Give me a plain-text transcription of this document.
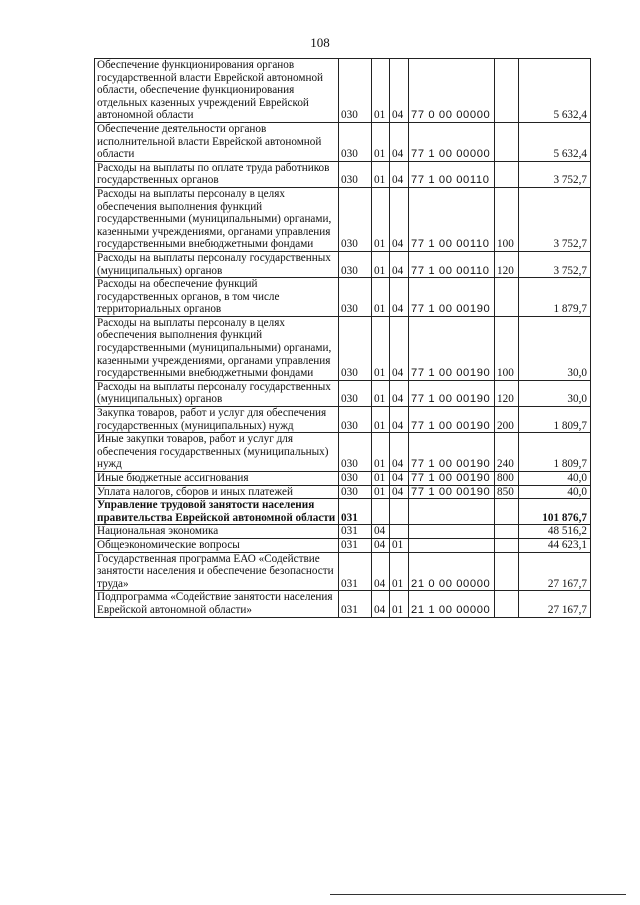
108
Обеспечение функционирования органов государственной власти Еврейской автономной области, обеспечение функционирования отдельных казенных учреждений Еврейской автономной области	030	01	04	77 0 00 00000		5 632,4
Обеспечение деятельности органов исполнительной власти Еврейской автономной области	030	01	04	77 1 00 00000		5 632,4
Расходы на выплаты по оплате труда работников государственных органов	030	01	04	77 1 00 00110		3 752,7
Расходы на выплаты персоналу в целях обеспечения выполнения функций государственными (муниципальными) органами, казенными учреждениями, органами управления государственными внебюджетными фондами	030	01	04	77 1 00 00110	100	3 752,7
Расходы на выплаты персоналу государственных (муниципальных) органов	030	01	04	77 1 00 00110	120	3 752,7
Расходы на обеспечение функций государственных органов, в том числе территориальных органов	030	01	04	77 1 00 00190		1 879,7
Расходы на выплаты персоналу в целях обеспечения выполнения функций государственными (муниципальными) органами, казенными учреждениями, органами управления государственными внебюджетными фондами	030	01	04	77 1 00 00190	100	30,0
Расходы на выплаты персоналу государственных (муниципальных) органов	030	01	04	77 1 00 00190	120	30,0
Закупка товаров, работ и услуг для обеспечения государственных (муниципальных) нужд	030	01	04	77 1 00 00190	200	1 809,7
Иные закупки товаров, работ и услуг для обеспечения государственных (муниципальных) нужд	030	01	04	77 1 00 00190	240	1 809,7
Иные бюджетные ассигнования	030	01	04	77 1 00 00190	800	40,0
Уплата налогов, сборов и иных платежей	030	01	04	77 1 00 00190	850	40,0
Управление трудовой занятости населения правительства Еврейской автономной области	031					101 876,7
Национальная экономика	031	04				48 516,2
Общеэкономические вопросы	031	04	01			44 623,1
Государственная программа ЕАО «Содействие занятости населения и обеспечение безопасности труда»	031	04	01	21 0 00 00000		27 167,7
Подпрограмма «Содействие занятости населения Еврейской автономной области»	031	04	01	21 1 00 00000		27 167,7
